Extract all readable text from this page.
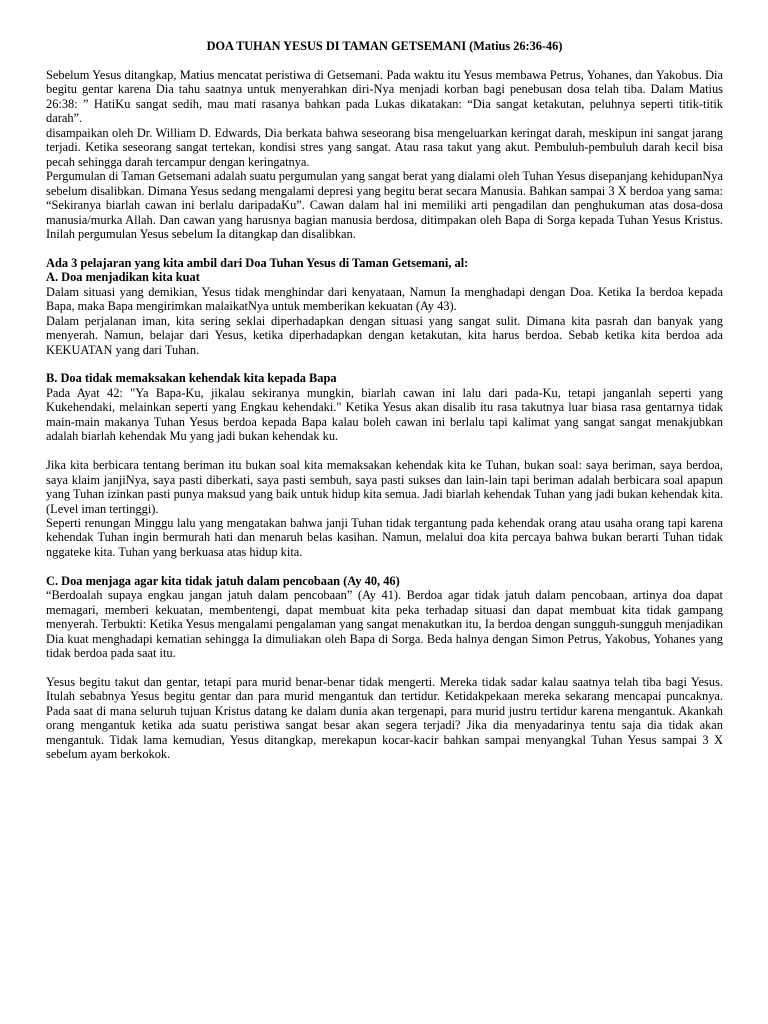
DOA TUHAN YESUS DI TAMAN GETSEMANI (Matius 26:36-46)

Sebelum Yesus ditangkap, Matius mencatat peristiwa di Getsemani. Pada waktu itu Yesus membawa Petrus, Yohanes, dan Yakobus. Dia begitu gentar karena Dia tahu saatnya untuk menyerahkan diri-Nya menjadi korban bagi penebusan dosa telah tiba. Dalam Matius 26:38: ” HatiKu sangat sedih, mau mati rasanya bahkan pada Lukas dikatakan: “Dia sangat ketakutan, peluhnya seperti titik-titik darah”.

disampaikan oleh Dr. William D. Edwards, Dia berkata bahwa seseorang bisa mengeluarkan keringat darah, meskipun ini sangat jarang terjadi. Ketika seseorang sangat tertekan, kondisi stres yang sangat. Atau rasa takut yang akut. Pembuluh-pembuluh darah kecil bisa pecah sehingga darah tercampur dengan keringatnya.

Pergumulan di Taman Getsemani adalah suatu pergumulan yang sangat berat yang dialami oleh Tuhan Yesus disepanjang kehidupanNya sebelum disalibkan. Dimana Yesus sedang mengalami depresi yang begitu berat secara Manusia. Bahkan sampai 3 X berdoa yang sama: “Sekiranya biarlah cawan ini berlalu daripadaKu”. Cawan dalam hal ini memiliki arti pengadilan dan penghukuman atas dosa-dosa manusia/murka Allah. Dan cawan yang harusnya bagian manusia berdosa, ditimpakan oleh Bapa di Sorga kepada Tuhan Yesus Kristus. Inilah pergumulan Yesus sebelum Ia ditangkap dan disalibkan.

Ada 3 pelajaran yang kita ambil dari Doa Tuhan Yesus di Taman Getsemani, al:

A. Doa menjadikan kita kuat

Dalam situasi yang demikian, Yesus tidak menghindar dari kenyataan, Namun Ia menghadapi dengan Doa. Ketika Ia berdoa kepada Bapa, maka Bapa mengirimkan malaikatNya untuk memberikan kekuatan (Ay 43).

Dalam perjalanan iman, kita sering seklai diperhadapkan dengan situasi yang sangat sulit. Dimana kita pasrah dan banyak yang menyerah. Namun, belajar dari Yesus, ketika diperhadapkan dengan ketakutan, kita harus berdoa. Sebab ketika kita berdoa ada KEKUATAN yang dari Tuhan.

B. Doa tidak memaksakan kehendak kita kepada Bapa

Pada Ayat 42: "Ya Bapa-Ku, jikalau sekiranya mungkin, biarlah cawan ini lalu dari pada-Ku, tetapi janganlah seperti yang Kukehendaki, melainkan seperti yang Engkau kehendaki." Ketika Yesus akan disalib itu rasa takutnya luar biasa rasa gentarnya tidak main-main makanya Tuhan Yesus berdoa kepada Bapa kalau boleh cawan ini berlalu tapi kalimat yang sangat sangat menakjubkan adalah biarlah kehendak Mu yang jadi bukan kehendak ku.

Jika kita berbicara tentang beriman itu bukan soal kita memaksakan kehendak kita ke Tuhan, bukan soal: saya beriman, saya berdoa, saya klaim janjiNya, saya pasti diberkati, saya pasti sembuh, saya pasti sukses dan lain-lain tapi beriman adalah berbicara soal apapun yang Tuhan izinkan pasti punya maksud yang baik untuk hidup kita semua. Jadi biarlah kehendak Tuhan yang jadi bukan kehendak kita. (Level iman tertinggi).

Seperti renungan Minggu lalu yang mengatakan bahwa janji Tuhan tidak tergantung pada kehendak orang atau usaha orang tapi karena kehendak Tuhan ingin bermurah hati dan menaruh belas kasihan. Namun, melalui doa kita percaya bahwa bukan berarti Tuhan tidak nggateke kita. Tuhan yang berkuasa atas hidup kita.

C. Doa menjaga agar kita tidak jatuh dalam pencobaan (Ay 40, 46)

“Berdoalah supaya engkau jangan jatuh dalam pencobaan” (Ay 41). Berdoa agar tidak jatuh dalam pencobaan, artinya doa dapat memagari, memberi kekuatan, membentengi, dapat membuat kita peka terhadap situasi dan dapat membuat kita tidak gampang menyerah. Terbukti: Ketika Yesus mengalami pengalaman yang sangat menakutkan itu, Ia berdoa dengan sungguh-sungguh menjadikan Dia kuat menghadapi kematian sehingga Ia dimuliakan oleh Bapa di Sorga. Beda halnya dengan Simon Petrus, Yakobus, Yohanes yang tidak berdoa pada saat itu.

Yesus begitu takut dan gentar, tetapi para murid benar-benar tidak mengerti. Mereka tidak sadar kalau saatnya telah tiba bagi Yesus. Itulah sebabnya Yesus begitu gentar dan para murid mengantuk dan tertidur. Ketidakpekaan mereka sekarang mencapai puncaknya. Pada saat di mana seluruh tujuan Kristus datang ke dalam dunia akan tergenapi, para murid justru tertidur karena mengantuk. Akankah orang mengantuk ketika ada suatu peristiwa sangat besar akan segera terjadi? Jika dia menyadarinya tentu saja dia tidak akan mengantuk. Tidak lama kemudian, Yesus ditangkap, merekapun kocar-kacir bahkan sampai menyangkal Tuhan Yesus sampai 3 X sebelum ayam berkokok.
